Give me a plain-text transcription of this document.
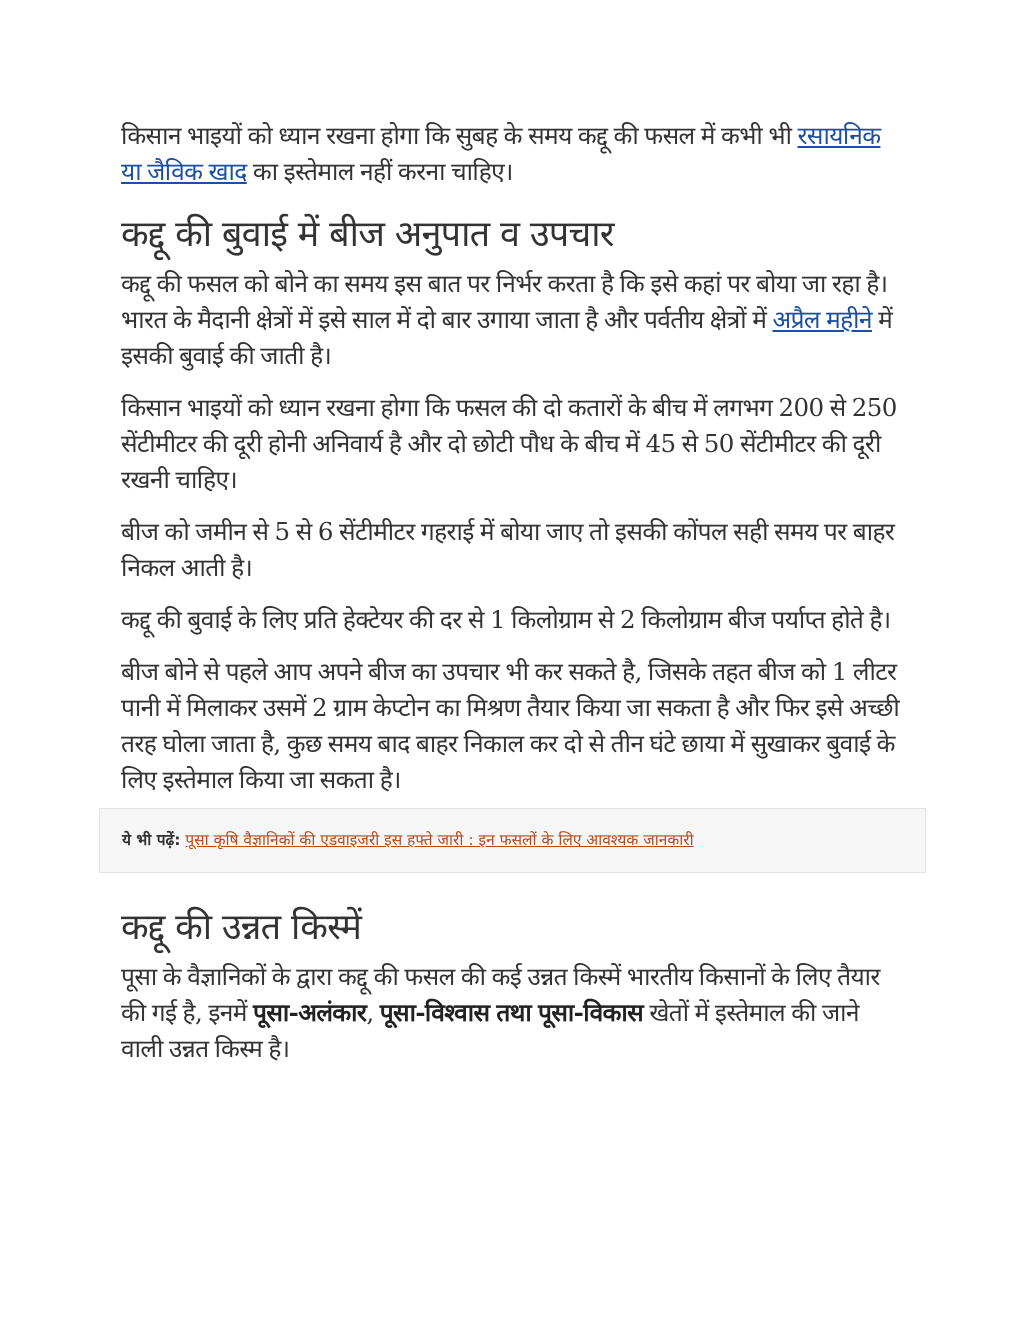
किसान भाइयों को ध्यान रखना होगा कि सुबह के समय कद्दू की फसल में कभी भी रसायनिक या जैविक खाद का इस्तेमाल नहीं करना चाहिए।

कद्दू की बुवाई में बीज अनुपात व उपचार

कद्दू की फसल को बोने का समय इस बात पर निर्भर करता है कि इसे कहां पर बोया जा रहा है। भारत के मैदानी क्षेत्रों में इसे साल में दो बार उगाया जाता है और पर्वतीय क्षेत्रों में अप्रैल महीने में इसकी बुवाई की जाती है।

किसान भाइयों को ध्यान रखना होगा कि फसल की दो कतारों के बीच में लगभग 200 से 250 सेंटीमीटर की दूरी होनी अनिवार्य है और दो छोटी पौध के बीच में 45 से 50 सेंटीमीटर की दूरी रखनी चाहिए।

बीज को जमीन से 5 से 6 सेंटीमीटर गहराई में बोया जाए तो इसकी कोंपल सही समय पर बाहर निकल आती है।

कद्दू की बुवाई के लिए प्रति हेक्टेयर की दर से 1 किलोग्राम से 2 किलोग्राम बीज पर्याप्त होते है।

बीज बोने से पहले आप अपने बीज का उपचार भी कर सकते है, जिसके तहत बीज को 1 लीटर पानी में मिलाकर उसमें 2 ग्राम केप्टोन का मिश्रण तैयार किया जा सकता है और फिर इसे अच्छी तरह घोला जाता है, कुछ समय बाद बाहर निकाल कर दो से तीन घंटे छाया में सुखाकर बुवाई के लिए इस्तेमाल किया जा सकता है।

ये भी पढ़ें: पूसा कृषि वैज्ञानिकों की एडवाइजरी इस हफ्ते जारी : इन फसलों के लिए आवश्यक जानकारी
कद्दू की उन्नत किस्में

पूसा के वैज्ञानिकों के द्वारा कद्दू की फसल की कई उन्नत किस्में भारतीय किसानों के लिए तैयार की गई है, इनमें पूसा-अलंकार, पूसा-विश्वास तथा पूसा-विकास खेतों में इस्तेमाल की जाने वाली उन्नत किस्म है।
